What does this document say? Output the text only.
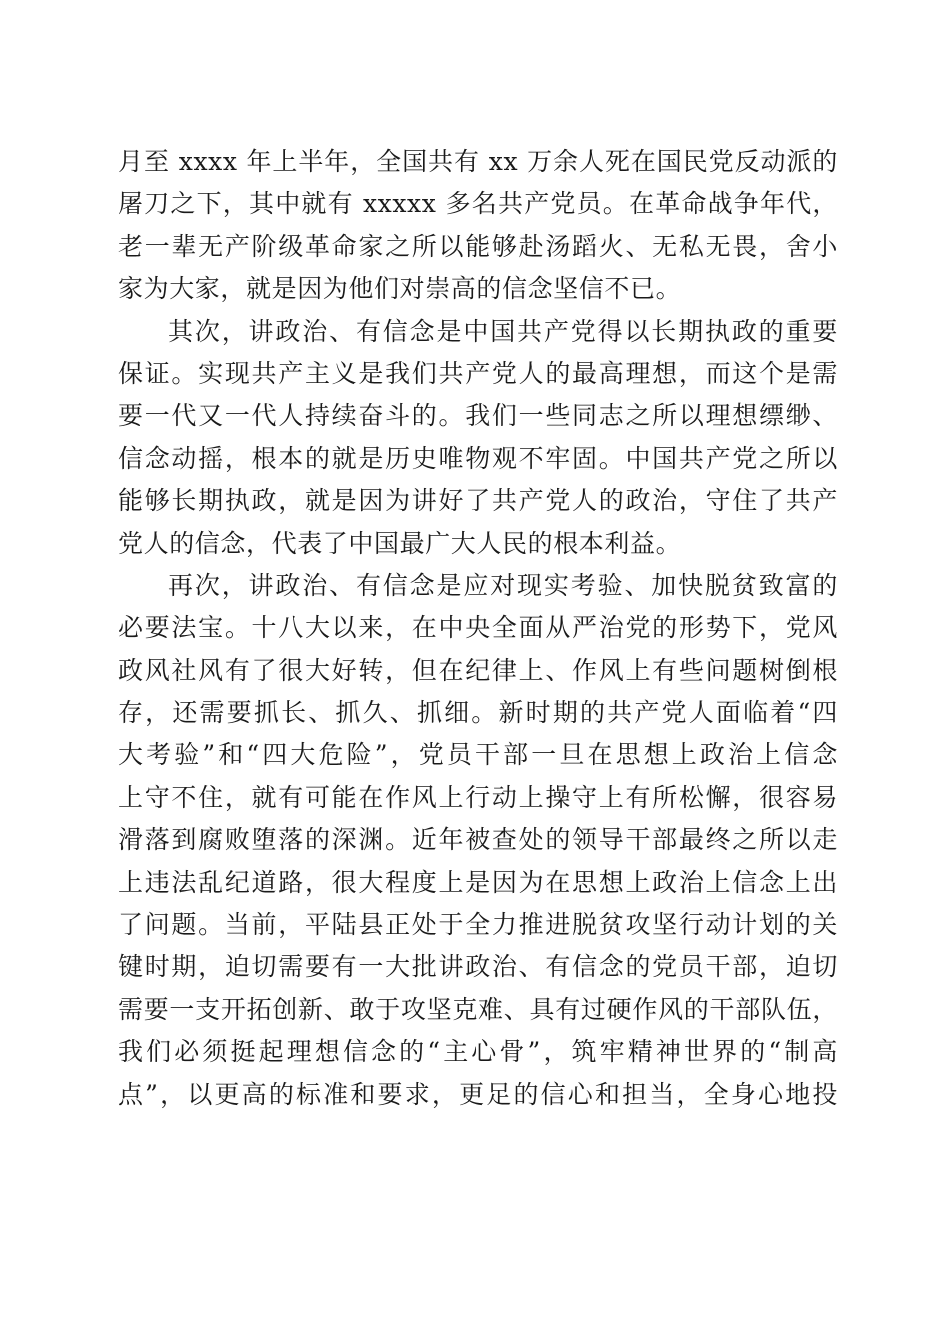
月至 xxxx 年上半年，全国共有 xx 万余人死在国民党反动派的
屠刀之下，其中就有 xxxxx 多名共产党员。在革命战争年代，
老一辈无产阶级革命家之所以能够赴汤蹈火、无私无畏，舍小
家为大家，就是因为他们对崇高的信念坚信不已。
其次，讲政治、有信念是中国共产党得以长期执政的重要
保证。实现共产主义是我们共产党人的最高理想，而这个是需
要一代又一代人持续奋斗的。我们一些同志之所以理想缥缈、
信念动摇，根本的就是历史唯物观不牢固。中国共产党之所以
能够长期执政，就是因为讲好了共产党人的政治，守住了共产
党人的信念，代表了中国最广大人民的根本利益。
再次，讲政治、有信念是应对现实考验、加快脱贫致富的
必要法宝。十八大以来，在中央全面从严治党的形势下，党风
政风社风有了很大好转，但在纪律上、作风上有些问题树倒根
存，还需要抓长、抓久、抓细。新时期的共产党人面临着“四
大考验”和“四大危险”，党员干部一旦在思想上政治上信念
上守不住，就有可能在作风上行动上操守上有所松懈，很容易
滑落到腐败堕落的深渊。近年被查处的领导干部最终之所以走
上违法乱纪道路，很大程度上是因为在思想上政治上信念上出
了问题。当前，平陆县正处于全力推进脱贫攻坚行动计划的关
键时期，迫切需要有一大批讲政治、有信念的党员干部，迫切
需要一支开拓创新、敢于攻坚克难、具有过硬作风的干部队伍，
我们必须挺起理想信念的“主心骨”，筑牢精神世界的“制高
点”，以更高的标准和要求，更足的信心和担当，全身心地投
